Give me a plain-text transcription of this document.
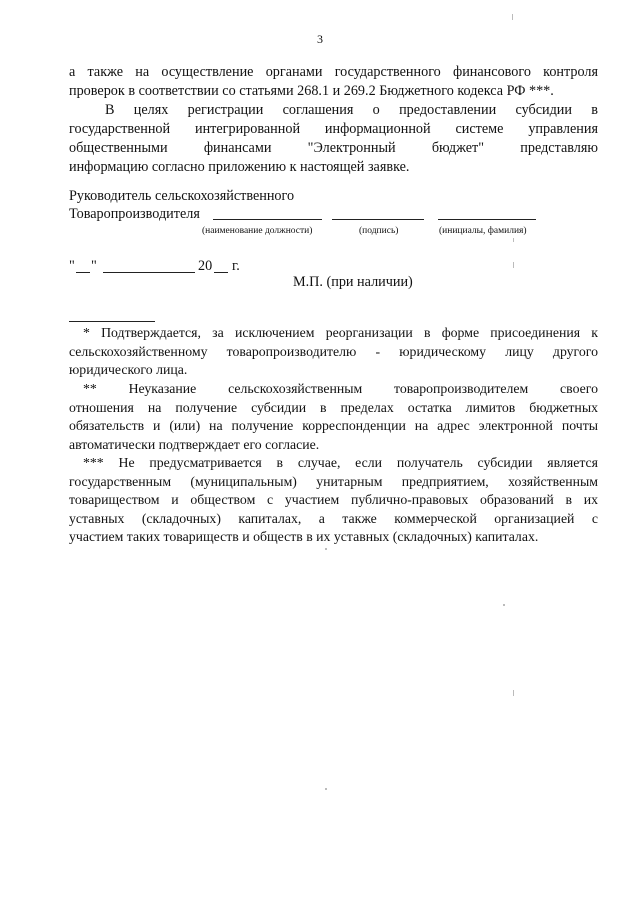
3
а также на осуществление органами государственного финансового контроля
проверок в соответствии со статьями 268.1 и 269.2 Бюджетного кодекса РФ ***.
В целях регистрации соглашения о предоставлении субсидии в
государственной интегрированной информационной системе управления
общественными финансами "Электронный бюджет" представляю
информацию согласно приложению к настоящей заявке.
Руководитель сельскохозяйственного
Товаропроизводителя
(наименование должности)	(подпись)	(инициалы, фамилия)
" "	20 г.
М.П. (при наличии)
* Подтверждается, за исключением реорганизации в форме присоединения к
сельскохозяйственному товаропроизводителю - юридическому лицу другого
юридического лица.
** Неуказание сельскохозяйственным товаропроизводителем своего
отношения на получение субсидии в пределах остатка лимитов бюджетных
обязательств и (или) на получение корреспонденции на адрес электронной почты
автоматически подтверждает его согласие.
*** Не предусматривается в случае, если получатель субсидии является
государственным (муниципальным) унитарным предприятием, хозяйственным
товариществом и обществом с участием публично-правовых образований в их
уставных (складочных) капиталах, а также коммерческой организацией с
участием таких товариществ и обществ в их уставных (складочных) капиталах.
